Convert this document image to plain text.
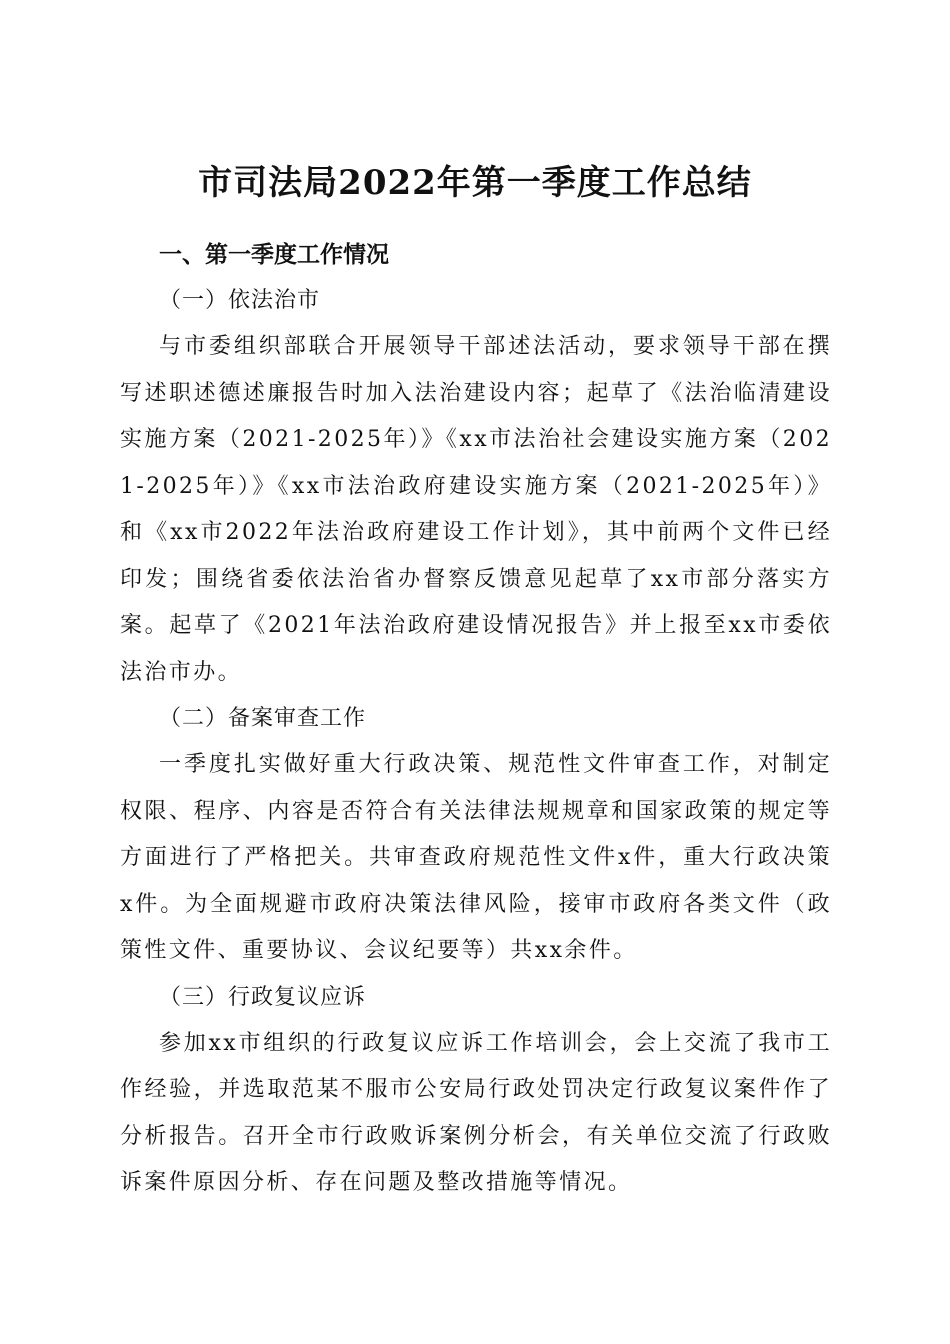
市司法局2022年第一季度工作总结

一、第一季度工作情况

（一）依法治市

与市委组织部联合开展领导干部述法活动，要求领导干部在撰写述职述德述廉报告时加入法治建设内容；起草了《法治临清建设实施方案（2021-2025年）》《xx市法治社会建设实施方案（2021-2025年）》《xx市法治政府建设实施方案（2021-2025年）》和《xx市2022年法治政府建设工作计划》，其中前两个文件已经印发；围绕省委依法治省办督察反馈意见起草了xx市部分落实方案。起草了《2021年法治政府建设情况报告》并上报至xx市委依法治市办。

（二）备案审查工作

一季度扎实做好重大行政决策、规范性文件审查工作，对制定权限、程序、内容是否符合有关法律法规规章和国家政策的规定等方面进行了严格把关。共审查政府规范性文件x件，重大行政决策x件。为全面规避市政府决策法律风险，接审市政府各类文件（政策性文件、重要协议、会议纪要等）共xx余件。

（三）行政复议应诉

参加xx市组织的行政复议应诉工作培训会，会上交流了我市工作经验，并选取范某不服市公安局行政处罚决定行政复议案件作了分析报告。召开全市行政败诉案例分析会，有关单位交流了行政败诉案件原因分析、存在问题及整改措施等情况。
